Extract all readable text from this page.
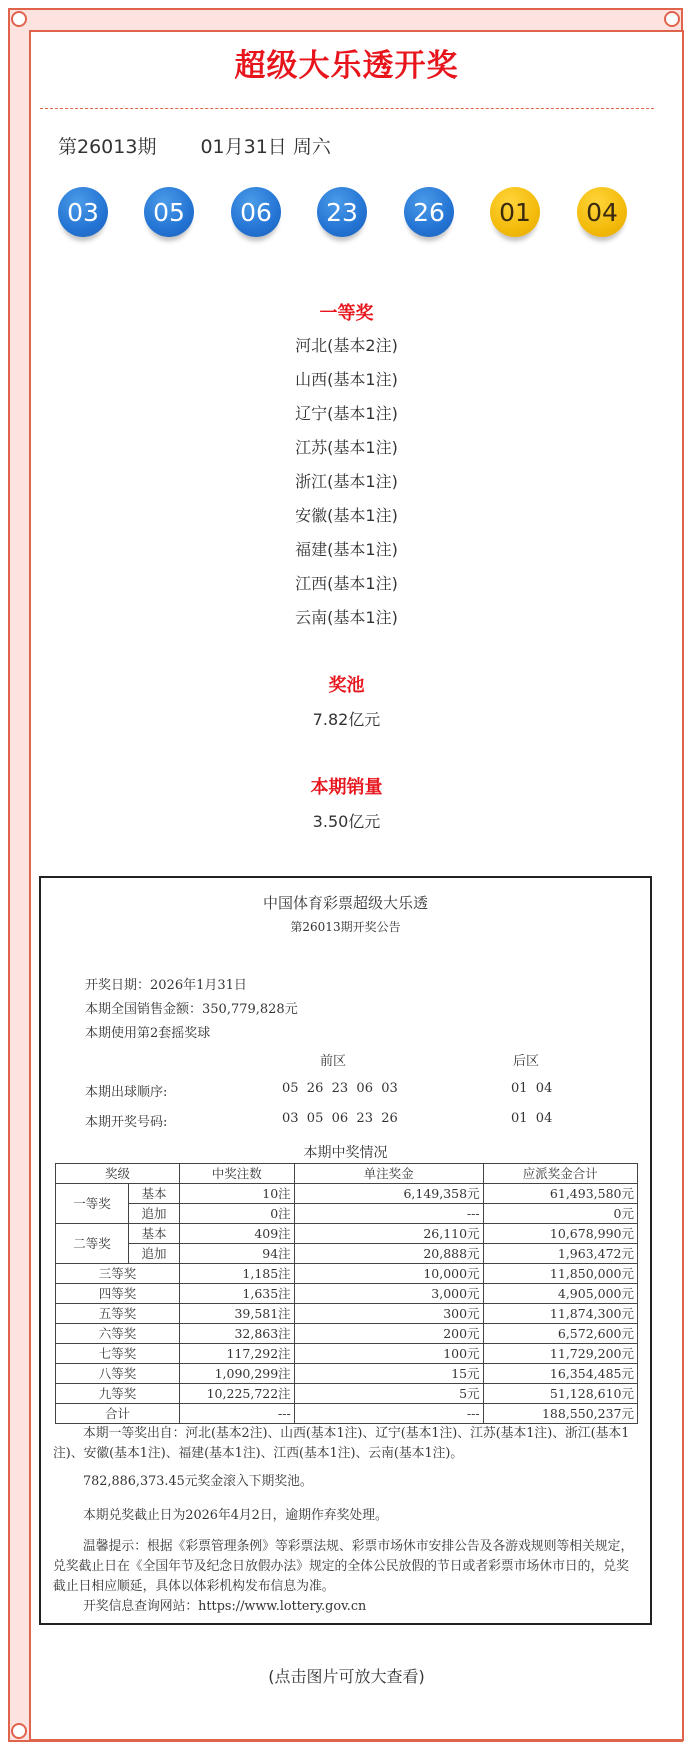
超级大乐透开奖
第26013期 01月31日 周六
03	05	06	23	26	01	04
一等奖
河北(基本2注)
山西(基本1注)
辽宁(基本1注)
江苏(基本1注)
浙江(基本1注)
安徽(基本1注)
福建(基本1注)
江西(基本1注)
云南(基本1注)
奖池
7.82亿元
本期销量
3.50亿元
中国体育彩票超级大乐透
第26013期开奖公告
开奖日期：2026年1月31日
本期全国销售金额：350,779,828元
本期使用第2套摇奖球
前区	后区
本期出球顺序:	05  26  23  06  03	01  04
本期开奖号码:	03  05  06  23  26	01  04
本期中奖情况
奖级		中奖注数	单注奖金	应派奖金合计
一等奖	基本	10注	6,149,358元	61,493,580元
	追加	0注	---	0元
二等奖	基本	409注	26,110元	10,678,990元
	追加	94注	20,888元	1,963,472元
三等奖		1,185注	10,000元	11,850,000元
四等奖		1,635注	3,000元	4,905,000元
五等奖		39,581注	300元	11,874,300元
六等奖		32,863注	200元	6,572,600元
七等奖		117,292注	100元	11,729,200元
八等奖		1,090,299注	15元	16,354,485元
九等奖		10,225,722注	5元	51,128,610元
合计		---	---	188,550,237元
本期一等奖出自：河北(基本2注)、山西(基本1注)、辽宁(基本1注)、江苏(基本1注)、浙江(基本1注)、安徽(基本1注)、福建(基本1注)、江西(基本1注)、云南(基本1注)。
782,886,373.45元奖金滚入下期奖池。
本期兑奖截止日为2026年4月2日，逾期作弃奖处理。
温馨提示：根据《彩票管理条例》等彩票法规、彩票市场休市安排公告及各游戏规则等相关规定，兑奖截止日在《全国年节及纪念日放假办法》规定的全体公民放假的节日或者彩票市场休市日的，兑奖截止日相应顺延，具体以体彩机构发布信息为准。
开奖信息查询网站：https://www.lottery.gov.cn
(点击图片可放大查看)
